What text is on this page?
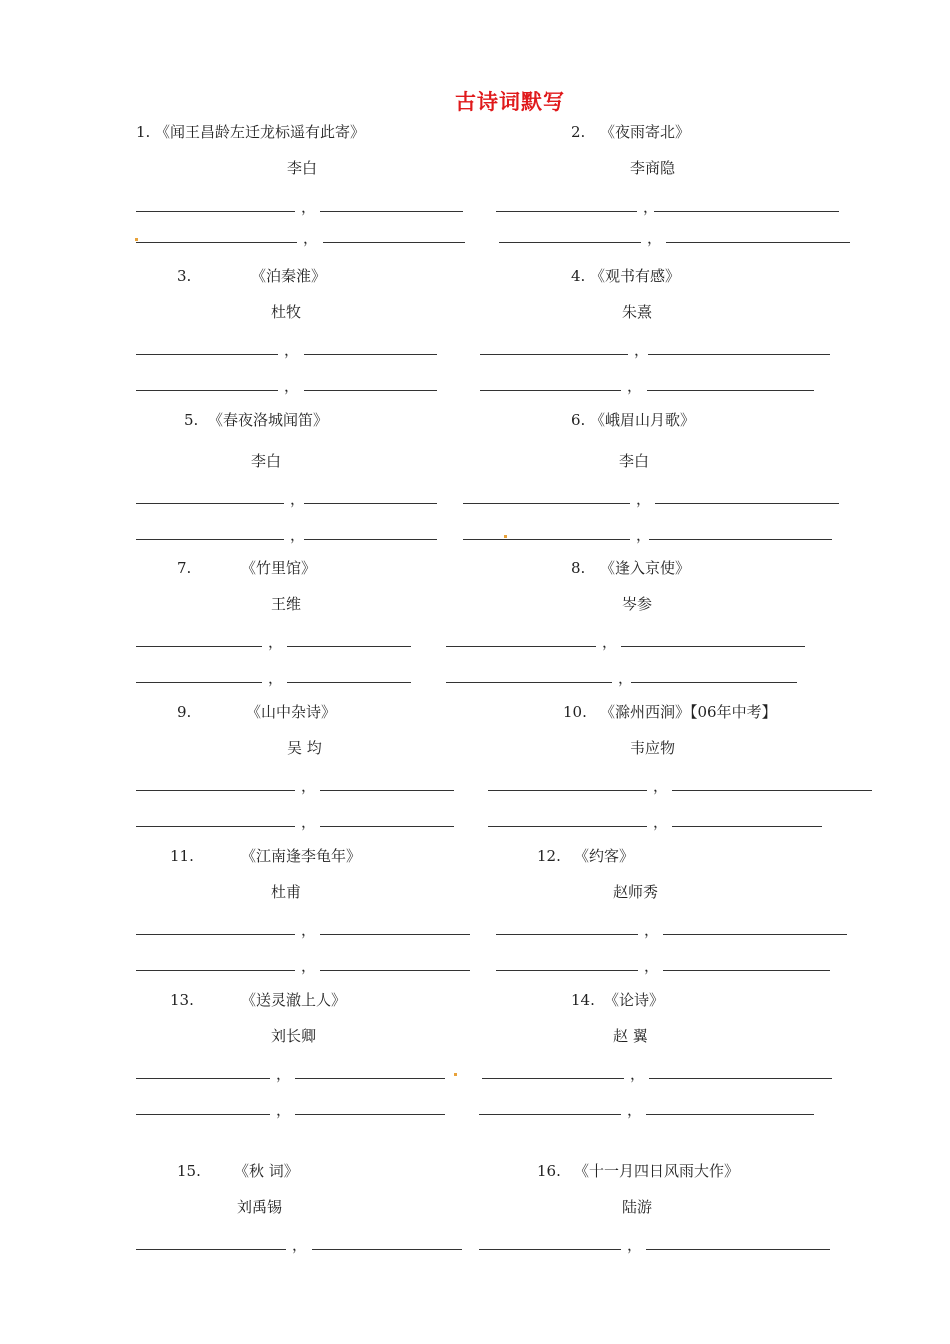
古诗词默写
1. 《闻王昌龄左迁龙标遥有此寄》
李白
，
，
2. 《夜雨寄北》
李商隐
，
，
3.	《泊秦淮》
杜牧
，
，
4. 《观书有感》
朱熹
，
，
5. 《春夜洛城闻笛》
李白
，
，
6. 《峨眉山月歌》
李白
，
，
7.	《竹里馆》
王维
，
，
8. 《逢入京使》
岑参
，
，
9.	《山中杂诗》
吴 均
，
，
10. 《滁州西涧》【06年中考】
韦应物
，
，
11.	《江南逢李龟年》
杜甫
，
，
12. 《约客》
赵师秀
，
，
13.	《送灵澈上人》
刘长卿
，
，
14. 《论诗》
赵 翼
，
，
15. 《秋 词》
刘禹锡
，
16. 《十一月四日风雨大作》
陆游
，
